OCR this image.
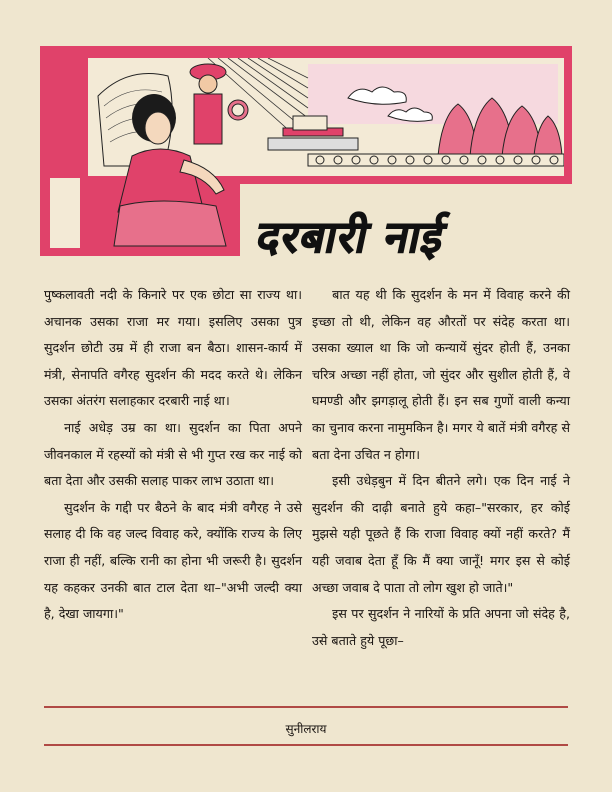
दरबारी नाई

पुष्कलावती नदी के किनारे पर एक छोटा सा राज्य था। अचानक उसका राजा मर गया। इसलिए उसका पुत्र सुदर्शन छोटी उम्र में ही राजा बन बैठा। शासन-कार्य में मंत्री, सेनापति वगैरह सुदर्शन की मदद करते थे। लेकिन उसका अंतरंग सलाहकार दरबारी नाई था।

नाई अधेड़ उम्र का था। सुदर्शन का पिता अपने जीवनकाल में रहस्यों को मंत्री से भी गुप्त रख कर नाई को बता देता और उसकी सलाह पाकर लाभ उठाता था।

सुदर्शन के गद्दी पर बैठने के बाद मंत्री वगैरह ने उसे सलाह दी कि वह जल्द विवाह करे, क्योंकि राज्य के लिए राजा ही नहीं, बल्कि रानी का होना भी जरूरी है। सुदर्शन यह कहकर उनकी बात टाल देता था–"अभी जल्दी क्या है, देखा जायगा।"

बात यह थी कि सुदर्शन के मन में विवाह करने की इच्छा तो थी, लेकिन वह औरतों पर संदेह करता था। उसका ख्याल था कि जो कन्यायें सुंदर होती हैं, उनका चरित्र अच्छा नहीं होता, जो सुंदर और सुशील होती हैं, वे घमण्डी और झगड़ालू होती हैं। इन सब गुणों वाली कन्या का चुनाव करना नामुमकिन है। मगर ये बातें मंत्री वगैरह से बता देना उचित न होगा।

इसी उधेड़बुन में दिन बीतने लगे। एक दिन नाई ने सुदर्शन की दाढ़ी बनाते हुये कहा–"सरकार, हर कोई मुझसे यही पूछते हैं कि राजा विवाह क्यों नहीं करते? मैं यही जवाब देता हूँ कि मैं क्या जानूँ! मगर इस से कोई अच्छा जवाब दे पाता तो लोग खुश हो जाते।"

इस पर सुदर्शन ने नारियों के प्रति अपना जो संदेह है, उसे बताते हुये पूछा–

सुनीलराय
